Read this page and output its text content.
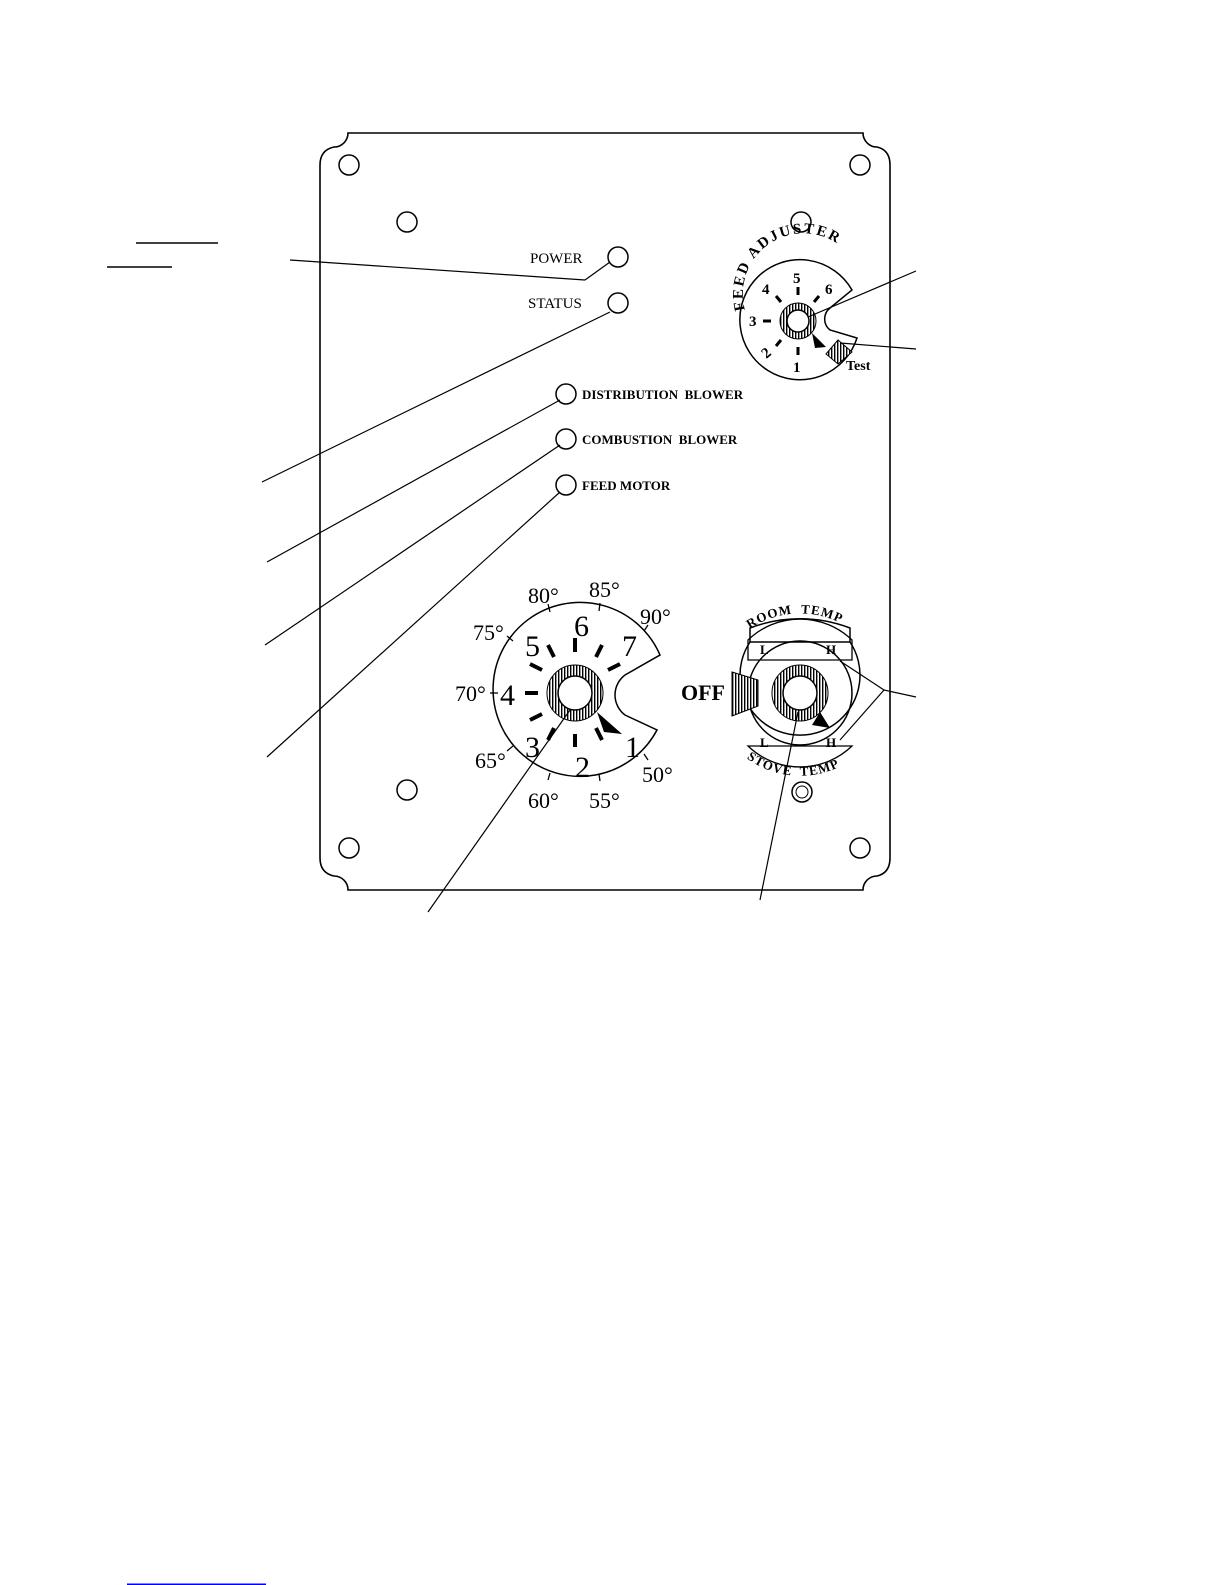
POWER
STATUS
DISTRIBUTION  BLOWER
COMBUSTION  BLOWER
FEED MOTOR
FEED ADJUSTER
1
2
3
4
5
6
Test
1
2
3
4
5
6
7
50°
55°
60°
65°
70°
75°
80° 85°
90°	ROOM  TEMP
STOVE  TEMP
L	H
L	H
OFF
